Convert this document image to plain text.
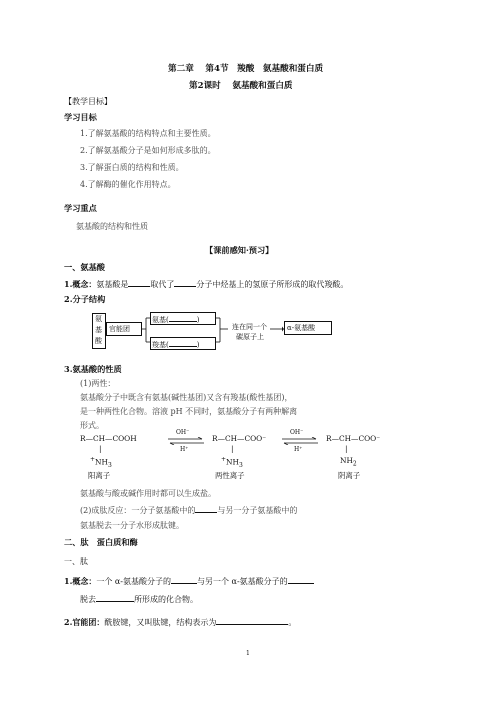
第二章　 第4节　羧酸　氨基酸和蛋白质
第2课时　 氨基酸和蛋白质
【教学目标】
学习目标
1.了解氨基酸的结构特点和主要性质。
2.了解氨基酸分子是如何形成多肽的。
3.了解蛋白质的结构和性质。
4.了解酶的催化作用特点。
学习重点
氨基酸的结构和性质
【课前感知·预习】
一、氨基酸
1.概念：氨基酸是	取代了	分子中烃基上的氢原子所形成的取代羧酸。
2.分子结构
氨
基
酸
官能团
氨基(	)
羧基(	)
连在同一个
碳原子上
α-氨基酸
3.氨基酸的性质
(1)两性：
氨基酸分子中既含有氨基(碱性基团)又含有羧基(酸性基团)，
是一种两性化合物。溶液 pH 不同时，氨基酸分子有两种解离
形式。
R—CH—COOH
|
$^+NH_3$
阳离子
OH⁻
H⁺
R—CH—COO⁻
|
$^+NH_3$
两性离子
OH⁻
H⁺
R—CH—COO⁻
|
$NH_2$
阴离子
氨基酸与酸或碱作用时都可以生成盐。
(2)成肽反应：一分子氨基酸中的	与另一分子氨基酸中的
氨基脱去一分子水形成肽键。
二、肽　蛋白质和酶
一、肽
1.概念：一个 α-氨基酸分子的	与另一个 α-氨基酸分子的
脱去	所形成的化合物。
2.官能团：酰胺键，又叫肽键，结构表示为	。
1
